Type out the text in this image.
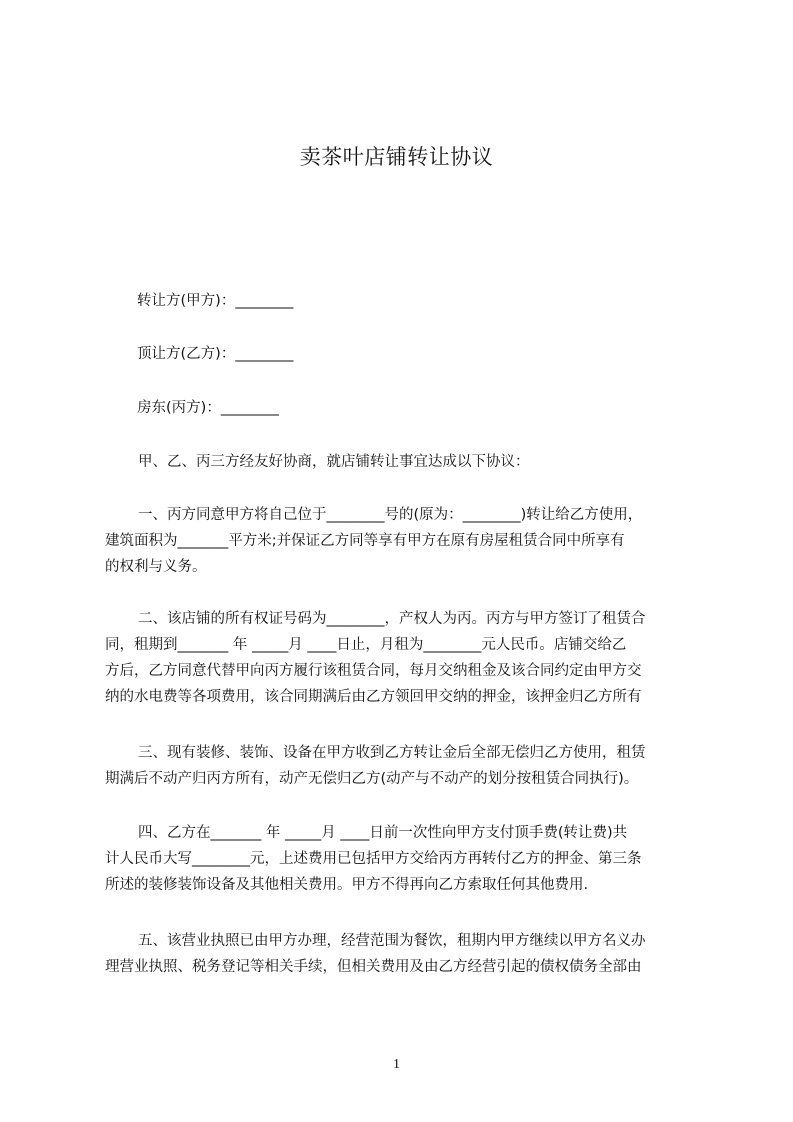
卖茶叶店铺转让协议
转让方(甲方)：________
顶让方(乙方)：________
房东(丙方)：________
甲、乙、丙三方经友好协商，就店铺转让事宜达成以下协议：
一、丙方同意甲方将自己位于________号的(原为：________)转让给乙方使用，
建筑面积为_______平方米;并保证乙方同等享有甲方在原有房屋租赁合同中所享有
的权利与义务。
二、该店铺的所有权证号码为________，产权人为丙。丙方与甲方签订了租赁合
同，租期到_______ 年 _____月 ____日止，月租为________元人民币。店铺交给乙
方后，乙方同意代替甲向丙方履行该租赁合同，每月交纳租金及该合同约定由甲方交
纳的水电费等各项费用，该合同期满后由乙方领回甲交纳的押金，该押金归乙方所有
三、现有装修、装饰、设备在甲方收到乙方转让金后全部无偿归乙方使用，租赁
期满后不动产归丙方所有，动产无偿归乙方(动产与不动产的划分按租赁合同执行)。
四、乙方在_______ 年 _____月 ____日前一次性向甲方支付顶手费(转让费)共
计人民币大写________元，上述费用已包括甲方交给丙方再转付乙方的押金、第三条
所述的装修装饰设备及其他相关费用。甲方不得再向乙方索取任何其他费用.
五、该营业执照已由甲方办理，经营范围为餐饮，租期内甲方继续以甲方名义办
理营业执照、税务登记等相关手续，但相关费用及由乙方经营引起的债权债务全部由
1
